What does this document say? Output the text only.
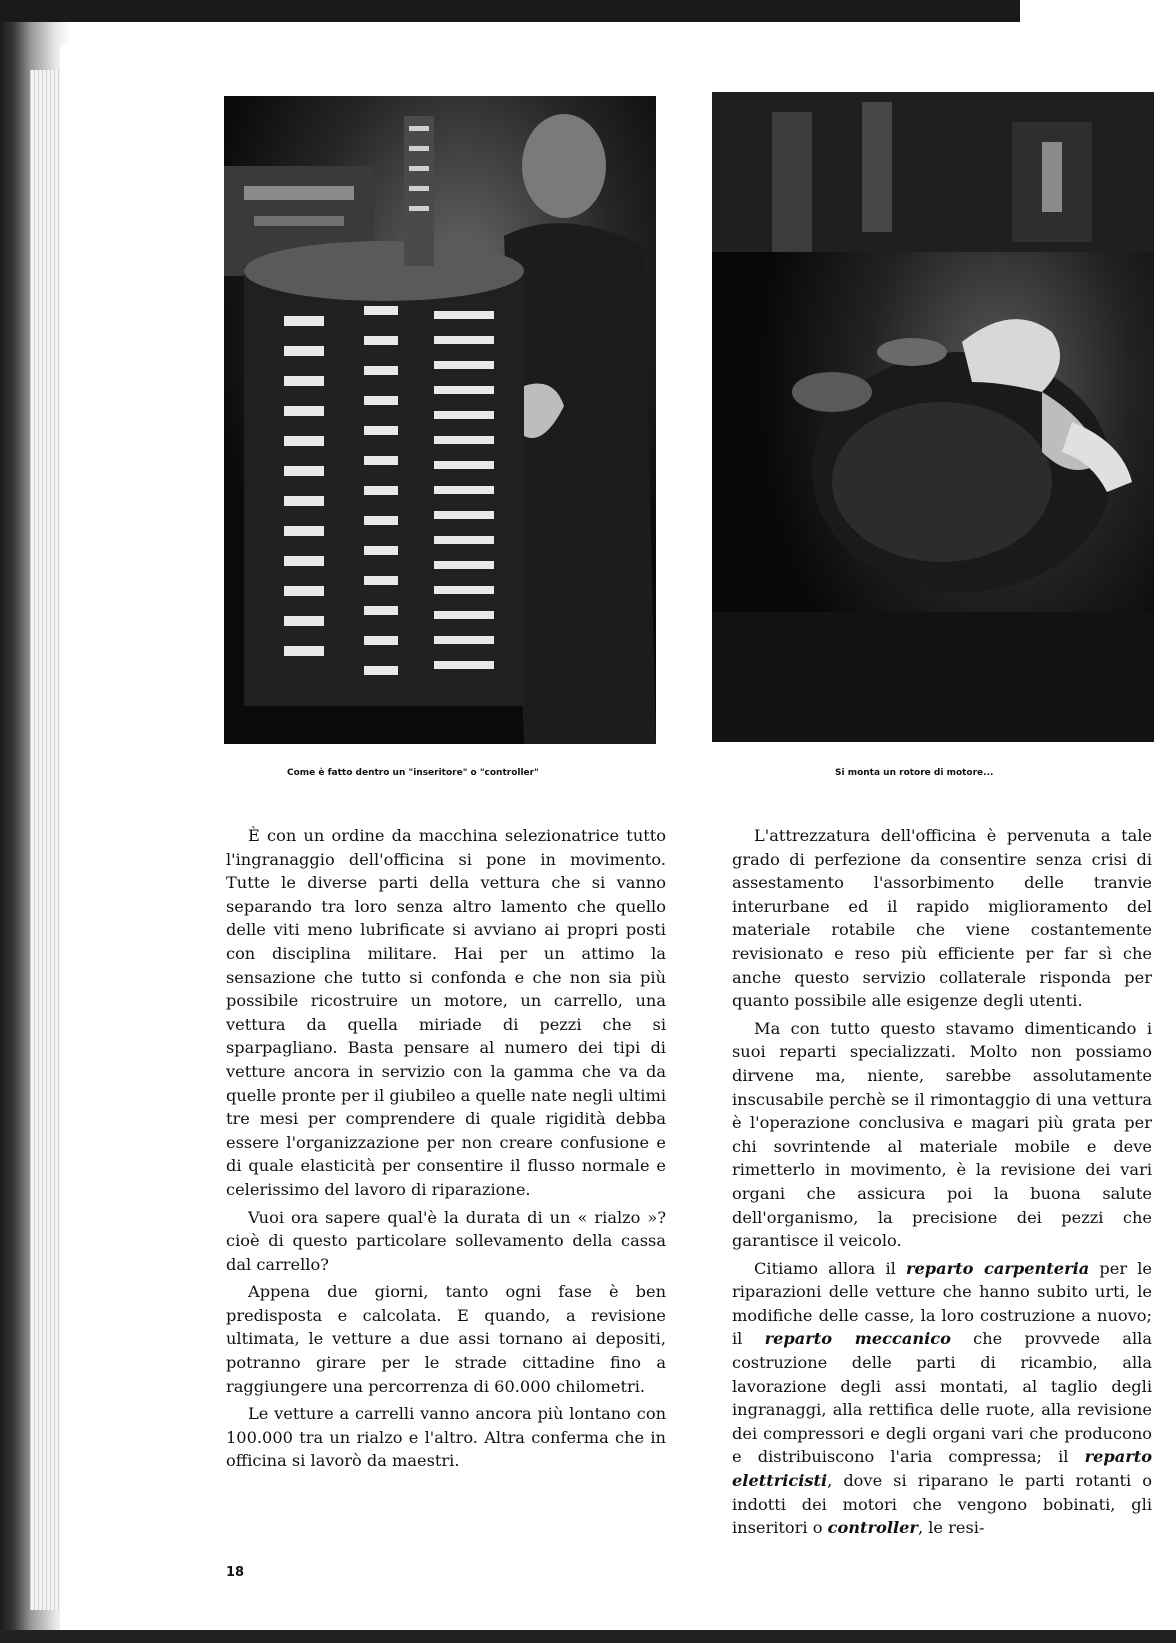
Come è fatto dentro un "inseritore" o "controller"	Si monta un rotore di motore...

È con un ordine da macchina selezionatrice tutto l'ingranaggio dell'officina si pone in movimento. Tutte le diverse parti della vettura che si vanno separando tra loro senza altro lamento che quello delle viti meno lubrificate si avviano ai propri posti con disciplina militare. Hai per un attimo la sensazione che tutto si confonda e che non sia più possibile ricostruire un motore, un carrello, una vettura da quella miriade di pezzi che si sparpagliano. Basta pensare al numero dei tipi di vetture ancora in servizio con la gamma che va da quelle pronte per il giubileo a quelle nate negli ultimi tre mesi per comprendere di quale rigidità debba essere l'organizzazione per non creare confusione e di quale elasticità per consentire il flusso normale e celerissimo del lavoro di riparazione.

Vuoi ora sapere qual'è la durata di un « rialzo »? cioè di questo particolare sollevamento della cassa dal carrello?

Appena due giorni, tanto ogni fase è ben predisposta e calcolata. E quando, a revisione ultimata, le vetture a due assi tornano ai depositi, potranno girare per le strade cittadine fino a raggiungere una percorrenza di 60.000 chilometri.

Le vetture a carrelli vanno ancora più lontano con 100.000 tra un rialzo e l'altro. Altra conferma che in officina si lavorò da maestri.

L'attrezzatura dell'officina è pervenuta a tale grado di perfezione da consentire senza crisi di assestamento l'assorbimento delle tranvie interurbane ed il rapido miglioramento del materiale rotabile che viene costantemente revisionato e reso più efficiente per far sì che anche questo servizio collaterale risponda per quanto possibile alle esigenze degli utenti.

Ma con tutto questo stavamo dimenticando i suoi reparti specializzati. Molto non possiamo dirvene ma, niente, sarebbe assolutamente inscusabile perchè se il rimontaggio di una vettura è l'operazione conclusiva e magari più grata per chi sovrintende al materiale mobile e deve rimetterlo in movimento, è la revisione dei vari organi che assicura poi la buona salute dell'organismo, la precisione dei pezzi che garantisce il veicolo.

Citiamo allora il reparto carpenteria per le riparazioni delle vetture che hanno subito urti, le modifiche delle casse, la loro costruzione a nuovo; il reparto meccanico che provvede alla costruzione delle parti di ricambio, alla lavorazione degli assi montati, al taglio degli ingranaggi, alla rettifica delle ruote, alla revisione dei compressori e degli organi vari che producono e distribuiscono l'aria compressa; il reparto elettricisti, dove si riparano le parti rotanti o indotti dei motori che vengono bobinati, gli inseritori o controller, le resi-

18
